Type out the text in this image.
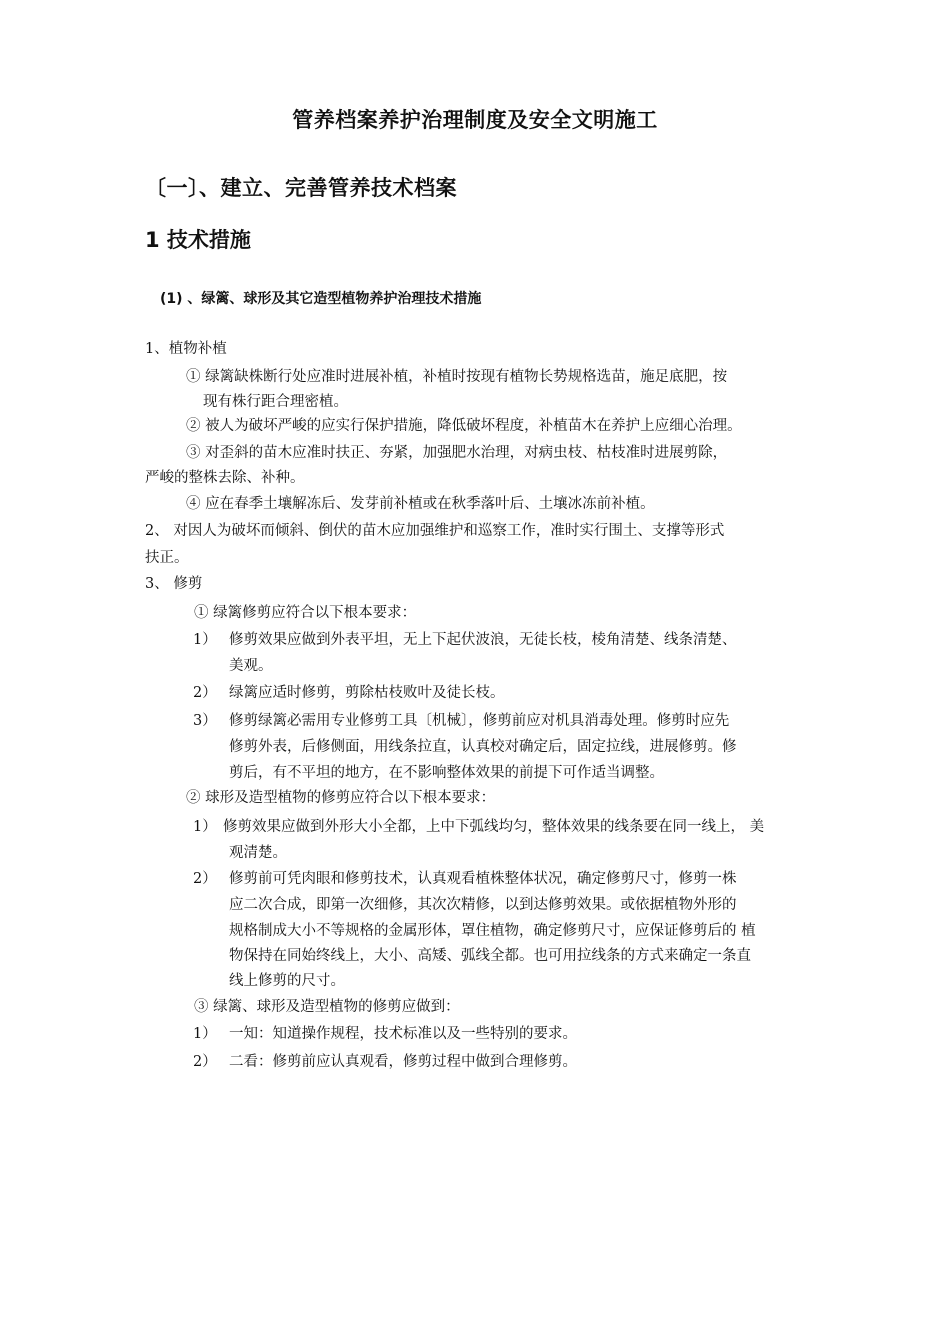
管养档案养护治理制度及安全文明施工
〔一〕、建立、完善管养技术档案
1 技术措施
(1) 、绿篱、球形及其它造型植物养护治理技术措施
1、植物补植
① 绿篱缺株断行处应准时进展补植，补植时按现有植物长势规格选苗，施足底肥，按
现有株行距合理密植。
② 被人为破坏严峻的应实行保护措施，降低破坏程度，补植苗木在养护上应细心治理。
③ 对歪斜的苗木应准时扶正、夯紧，加强肥水治理，对病虫枝、枯枝准时进展剪除，
严峻的整株去除、补种。
④ 应在春季土壤解冻后、发芽前补植或在秋季落叶后、土壤冰冻前补植。
2、 对因人为破坏而倾斜、倒伏的苗木应加强维护和巡察工作，准时实行围土、支撑等形式
扶正。
3、 修剪
① 绿篱修剪应符合以下根本要求：
1） 修剪效果应做到外表平坦，无上下起伏波浪，无徒长枝，棱角清楚、线条清楚、
美观。
2） 绿篱应适时修剪，剪除枯枝败叶及徒长枝。
3） 修剪绿篱必需用专业修剪工具〔机械〕，修剪前应对机具消毒处理。修剪时应先
修剪外表，后修侧面，用线条拉直，认真校对确定后，固定拉线，进展修剪。修
剪后，有不平坦的地方，在不影响整体效果的前提下可作适当调整。
② 球形及造型植物的修剪应符合以下根本要求：
1） 修剪效果应做到外形大小全都，上中下弧线均匀，整体效果的线条要在同一线上， 美
观清楚。
2） 修剪前可凭肉眼和修剪技术，认真观看植株整体状况，确定修剪尺寸，修剪一株
应二次合成，即第一次细修，其次次精修，以到达修剪效果。或依据植物外形的
规格制成大小不等规格的金属形体，罩住植物，确定修剪尺寸，应保证修剪后的 植
物保持在同始终线上，大小、高矮、弧线全都。也可用拉线条的方式来确定一条直
线上修剪的尺寸。
③ 绿篱、球形及造型植物的修剪应做到：
1） 一知：知道操作规程，技术标准以及一些特别的要求。
2） 二看：修剪前应认真观看，修剪过程中做到合理修剪。
